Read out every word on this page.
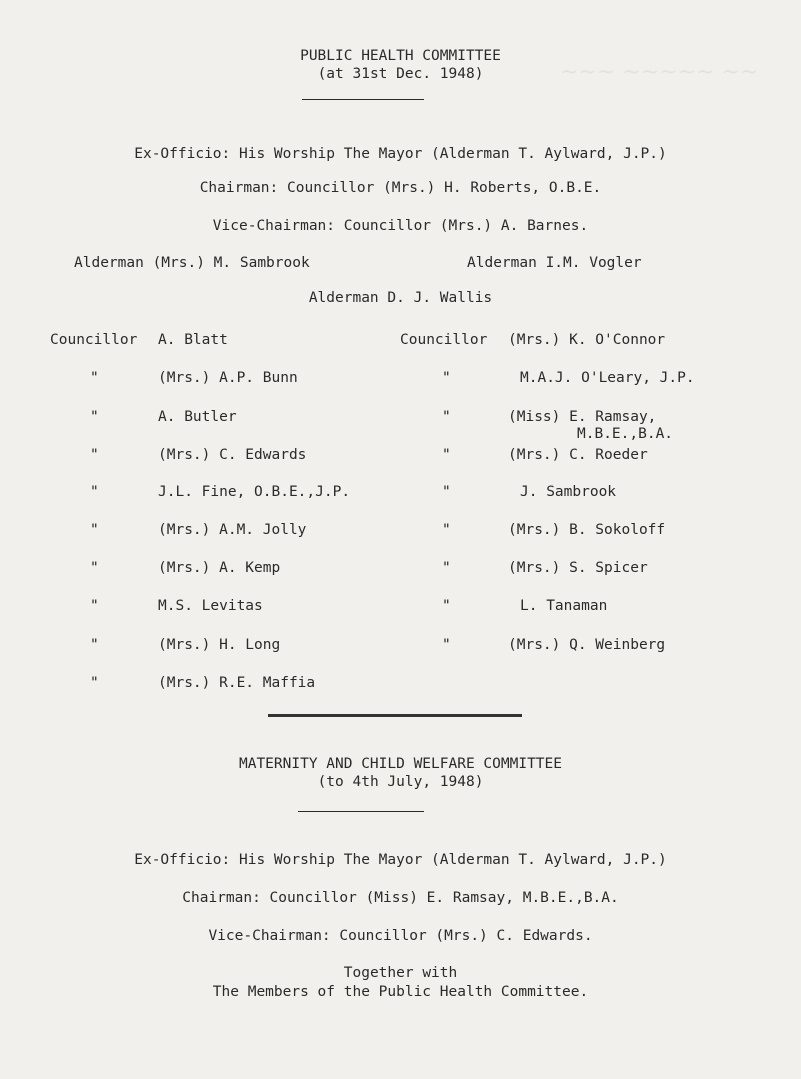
~~~ ~~~~~ ~~
PUBLIC HEALTH COMMITTEE
(at 31st Dec. 1948)
Ex-Officio: His Worship The Mayor (Alderman T. Aylward, J.P.)
Chairman: Councillor (Mrs.) H. Roberts, O.B.E.
Vice-Chairman: Councillor (Mrs.) A. Barnes.
Alderman (Mrs.) M. Sambrook	Alderman I.M. Vogler
Alderman D. J. Wallis
Councillor	Councillor
A. Blatt
(Mrs.) A.P. Bunn
A. Butler
(Mrs.) C. Edwards
J.L. Fine, O.B.E.,J.P.
(Mrs.) A.M. Jolly
(Mrs.) A. Kemp
M.S. Levitas
(Mrs.) H. Long
(Mrs.) R.E. Maffia
"
"
"
"
"
"
"
"
"
(Mrs.) K. O'Connor
M.A.J. O'Leary, J.P.
(Miss) E. Ramsay,
M.B.E.,B.A.
(Mrs.) C. Roeder
J. Sambrook
(Mrs.) B. Sokoloff
(Mrs.) S. Spicer
L. Tanaman
(Mrs.) Q. Weinberg
"
"
"
"
"
"
"
"
MATERNITY AND CHILD WELFARE COMMITTEE
(to 4th July, 1948)
Ex-Officio: His Worship The Mayor (Alderman T. Aylward, J.P.)
Chairman: Councillor (Miss) E. Ramsay, M.B.E.,B.A.
Vice-Chairman: Councillor (Mrs.) C. Edwards.
Together with
The Members of the Public Health Committee.
